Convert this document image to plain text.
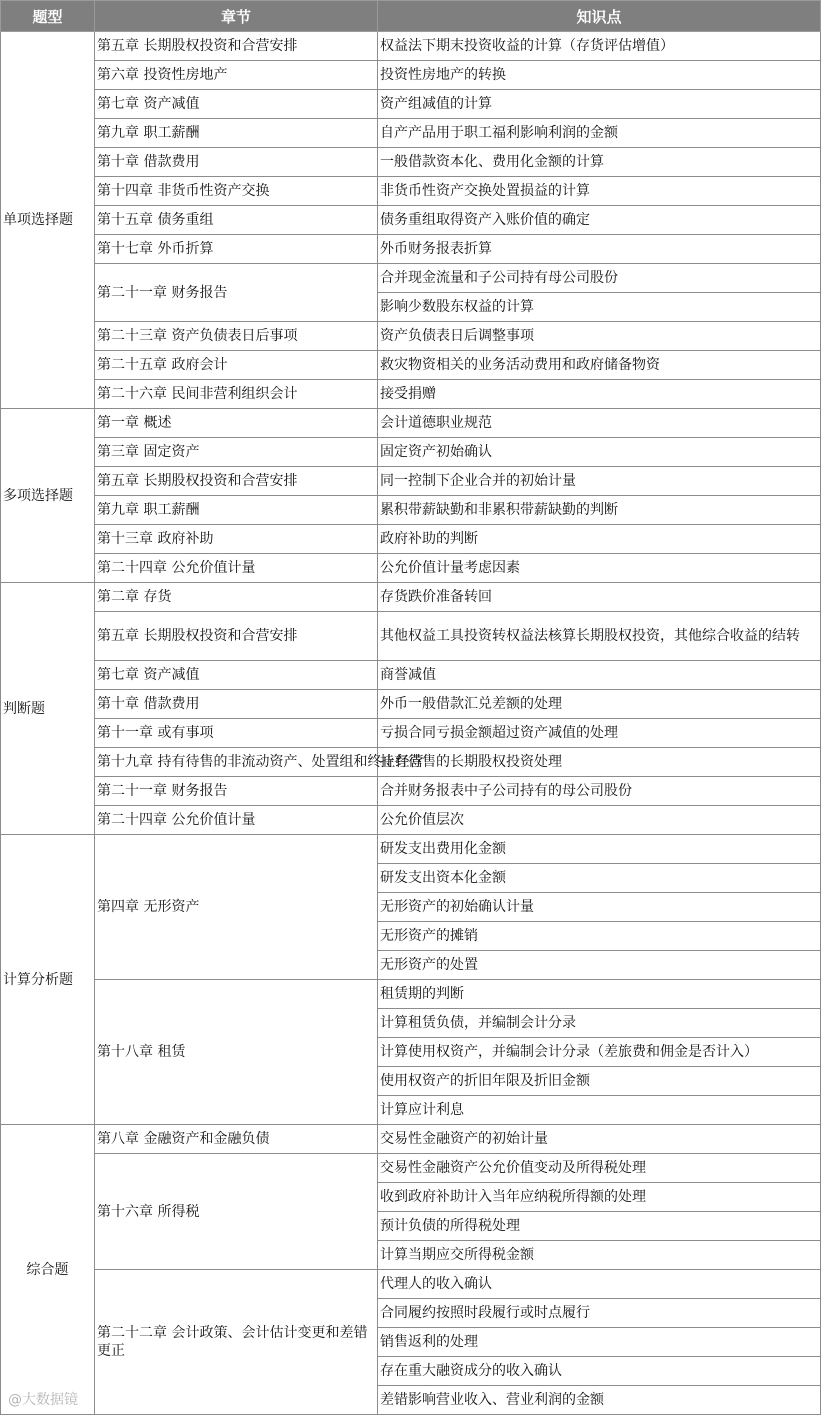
题型	章节	知识点
单项选择题	第五章 长期股权投资和合营安排	权益法下期末投资收益的计算（存货评估增值）
	第六章 投资性房地产	投资性房地产的转换
	第七章 资产减值	资产组减值的计算
	第九章 职工薪酬	自产产品用于职工福利影响利润的金额
	第十章 借款费用	一般借款资本化、费用化金额的计算
	第十四章 非货币性资产交换	非货币性资产交换处置损益的计算
	第十五章 债务重组	债务重组取得资产入账价值的确定
	第十七章 外币折算	外币财务报表折算
	第二十一章 财务报告	合并现金流量和子公司持有母公司股份
		影响少数股东权益的计算
	第二十三章 资产负债表日后事项	资产负债表日后调整事项
	第二十五章 政府会计	救灾物资相关的业务活动费用和政府储备物资
	第二十六章 民间非营利组织会计	接受捐赠
多项选择题	第一章 概述	会计道德职业规范
	第三章 固定资产	固定资产初始确认
	第五章 长期股权投资和合营安排	同一控制下企业合并的初始计量
	第九章 职工薪酬	累积带薪缺勤和非累积带薪缺勤的判断
	第十三章 政府补助	政府补助的判断
	第二十四章 公允价值计量	公允价值计量考虑因素
判断题	第二章 存货	存货跌价准备转回
	第五章 长期股权投资和合营安排	其他权益工具投资转权益法核算长期股权投资，其他综合收益的结转
	第七章 资产减值	商誉减值
	第十章 借款费用	外币一般借款汇兑差额的处理
	第十一章 或有事项	亏损合同亏损金额超过资产减值的处理
	第十九章 持有待售的非流动资产、处置组和终止经营	持有待售的长期股权投资处理
	第二十一章 财务报告	合并财务报表中子公司持有的母公司股份
	第二十四章 公允价值计量	公允价值层次
计算分析题	第四章 无形资产	研发支出费用化金额
		研发支出资本化金额
		无形资产的初始确认计量
		无形资产的摊销
		无形资产的处置
	第十八章 租赁	租赁期的判断
		计算租赁负债，并编制会计分录
		计算使用权资产，并编制会计分录（差旅费和佣金是否计入）
		使用权资产的折旧年限及折旧金额
		计算应计利息
综合题	第八章 金融资产和金融负债	交易性金融资产的初始计量
	第十六章 所得税	交易性金融资产公允价值变动及所得税处理
		收到政府补助计入当年应纳税所得额的处理
		预计负债的所得税处理
		计算当期应交所得税金额
	第二十二章 会计政策、会计估计变更和差错更正	代理人的收入确认
		合同履约按照时段履行或时点履行
		销售返利的处理
		存在重大融资成分的收入确认
		差错影响营业收入、营业利润的金额
@大数据镜
